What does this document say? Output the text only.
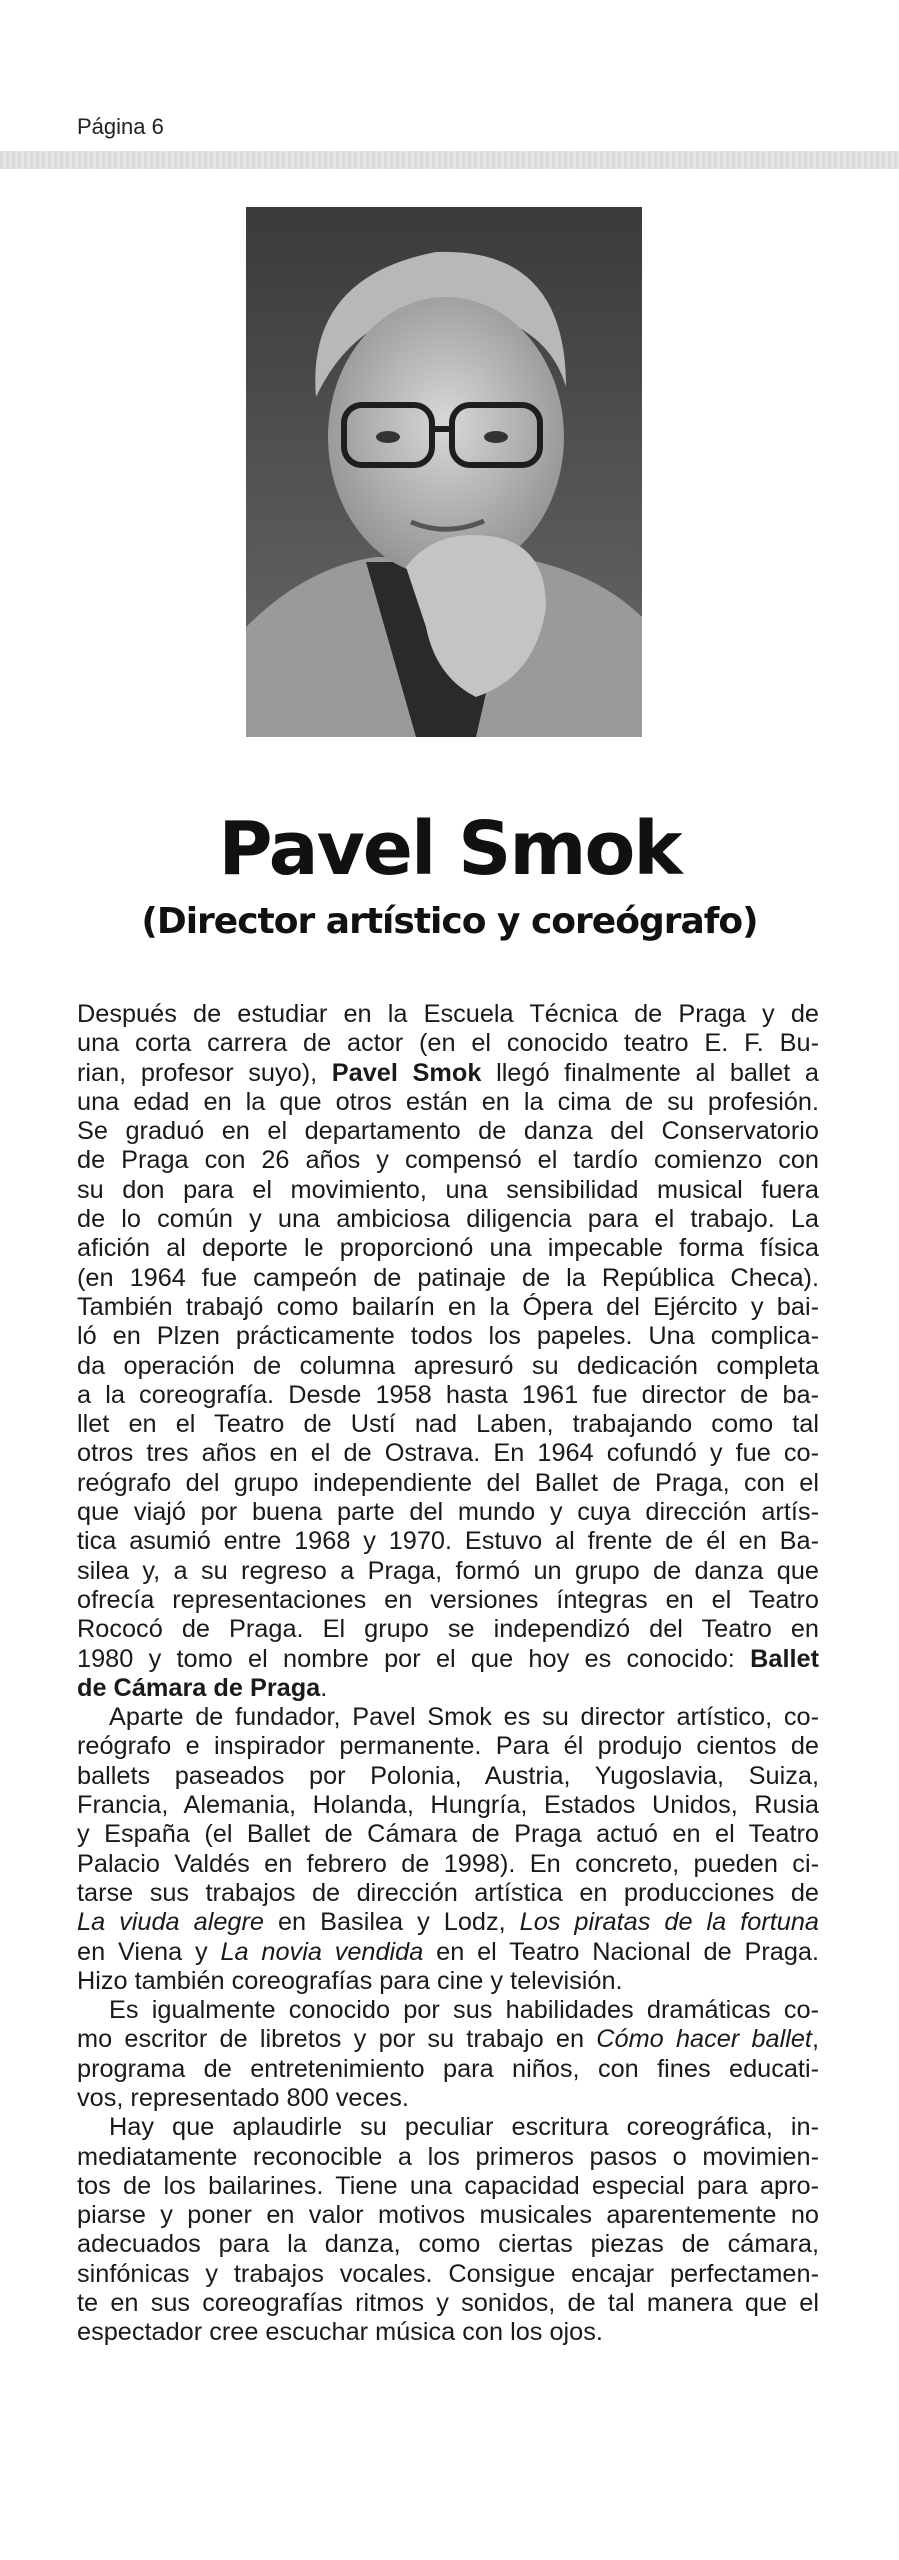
Página 6
Pavel Smok
(Director artístico y coreógrafo)
Después de estudiar en la Escuela Técnica de Praga y de
una corta carrera de actor (en el conocido teatro E. F. Bu-
rian, profesor suyo), Pavel Smok llegó finalmente al ballet a
una edad en la que otros están en la cima de su profesión.
Se graduó en el departamento de danza del Conservatorio
de Praga con 26 años y compensó el tardío comienzo con
su don para el movimiento, una sensibilidad musical fuera
de lo común y una ambiciosa diligencia para el trabajo. La
afición al deporte le proporcionó una impecable forma física
(en 1964 fue campeón de patinaje de la República Checa).
También trabajó como bailarín en la Ópera del Ejército y bai-
ló en Plzen prácticamente todos los papeles. Una complica-
da operación de columna apresuró su dedicación completa
a la coreografía. Desde 1958 hasta 1961 fue director de ba-
llet en el Teatro de Ustí nad Laben, trabajando como tal
otros tres años en el de Ostrava. En 1964 cofundó y fue co-
reógrafo del grupo independiente del Ballet de Praga, con el
que viajó por buena parte del mundo y cuya dirección artís-
tica asumió entre 1968 y 1970. Estuvo al frente de él en Ba-
silea y, a su regreso a Praga, formó un grupo de danza que
ofrecía representaciones en versiones íntegras en el Teatro
Rococó de Praga. El grupo se independizó del Teatro en
1980 y tomo el nombre por el que hoy es conocido: Ballet
de Cámara de Praga.
Aparte de fundador, Pavel Smok es su director artístico, co-
reógrafo e inspirador permanente. Para él produjo cientos de
ballets paseados por Polonia, Austria, Yugoslavia, Suiza,
Francia, Alemania, Holanda, Hungría, Estados Unidos, Rusia
y España (el Ballet de Cámara de Praga actuó en el Teatro
Palacio Valdés en febrero de 1998). En concreto, pueden ci-
tarse sus trabajos de dirección artística en producciones de
La viuda alegre en Basilea y Lodz, Los piratas de la fortuna
en Viena y La novia vendida en el Teatro Nacional de Praga.
Hizo también coreografías para cine y televisión.
Es igualmente conocido por sus habilidades dramáticas co-
mo escritor de libretos y por su trabajo en Cómo hacer ballet,
programa de entretenimiento para niños, con fines educati-
vos, representado 800 veces.
Hay que aplaudirle su peculiar escritura coreográfica, in-
mediatamente reconocible a los primeros pasos o movimien-
tos de los bailarines. Tiene una capacidad especial para apro-
piarse y poner en valor motivos musicales aparentemente no
adecuados para la danza, como ciertas piezas de cámara,
sinfónicas y trabajos vocales. Consigue encajar perfectamen-
te en sus coreografías ritmos y sonidos, de tal manera que el
espectador cree escuchar música con los ojos.
